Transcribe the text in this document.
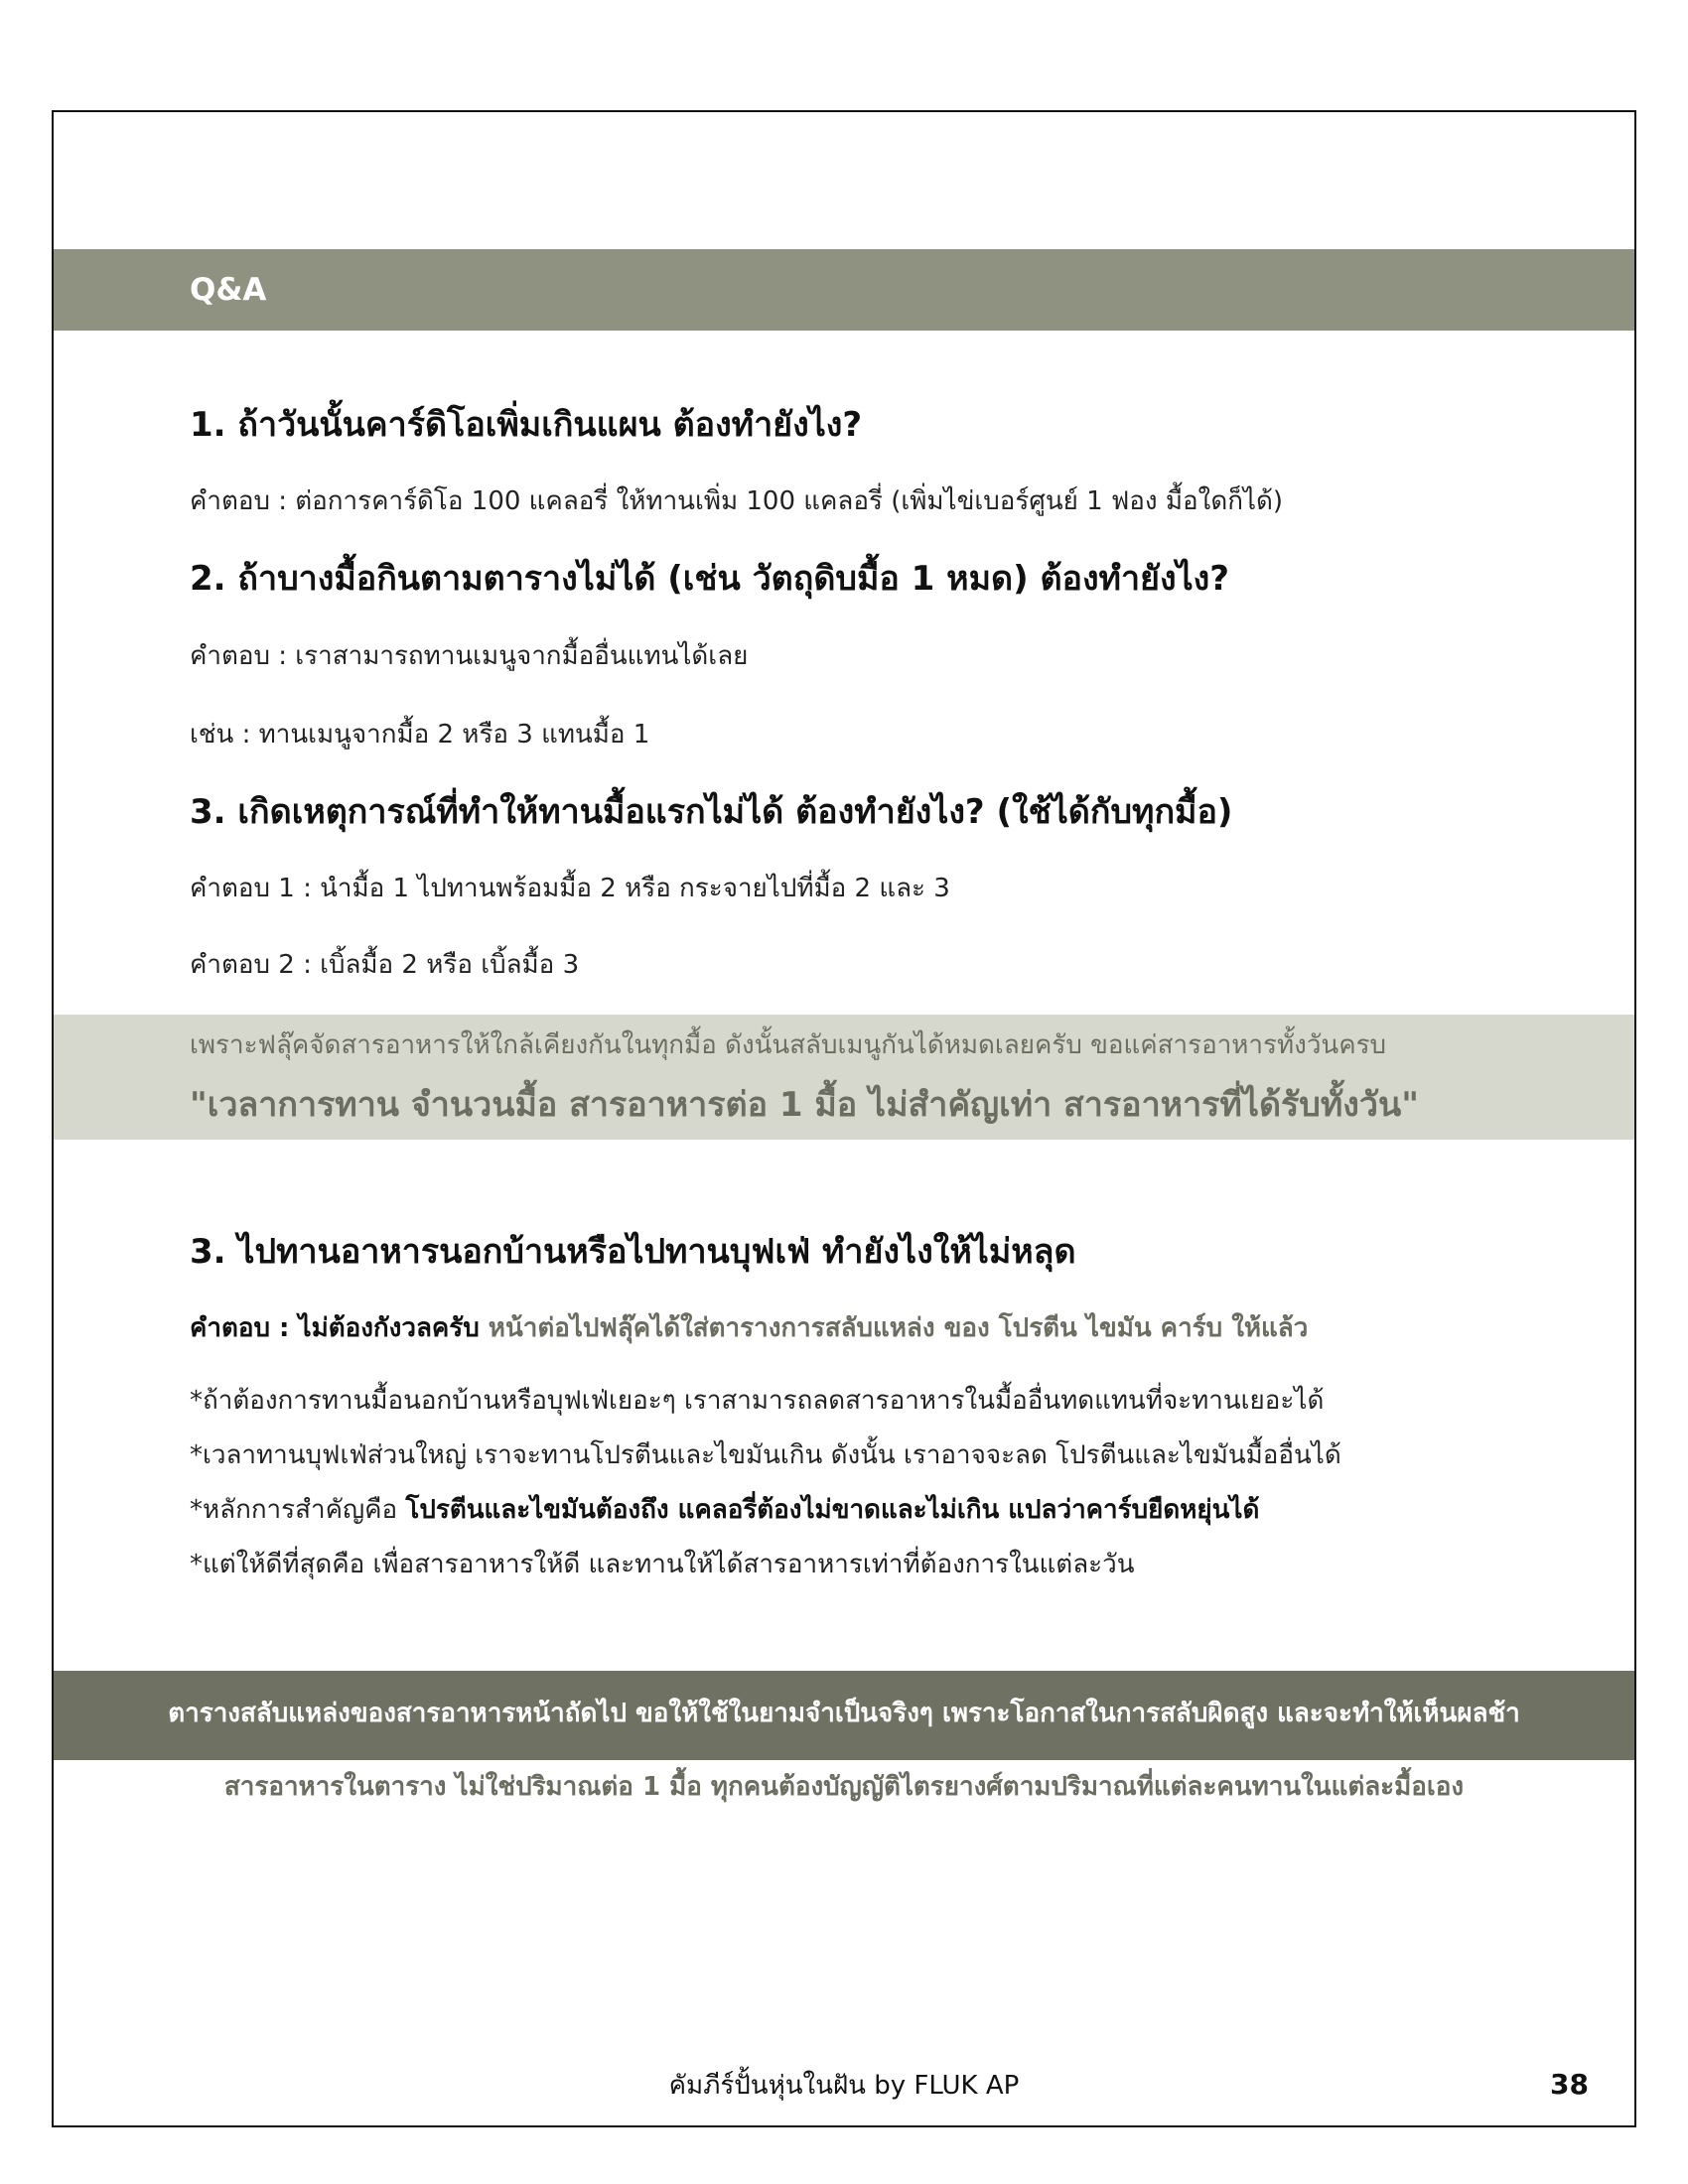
Q&A
1. ถ้าวันนั้นคาร์ดิโอเพิ่มเกินแผน ต้องทำยังไง?
คำตอบ : ต่อการคาร์ดิโอ 100 แคลอรี่ ให้ทานเพิ่ม 100 แคลอรี่ (เพิ่มไข่เบอร์ศูนย์ 1 ฟอง มื้อใดก็ได้)
2. ถ้าบางมื้อกินตามตารางไม่ได้ (เช่น วัตถุดิบมื้อ 1 หมด) ต้องทำยังไง?
คำตอบ : เราสามารถทานเมนูจากมื้ออื่นแทนได้เลย
เช่น : ทานเมนูจากมื้อ 2 หรือ 3 แทนมื้อ 1
3. เกิดเหตุการณ์ที่ทำให้ทานมื้อแรกไม่ได้ ต้องทำยังไง? (ใช้ได้กับทุกมื้อ)
คำตอบ 1 : นำมื้อ 1 ไปทานพร้อมมื้อ 2 หรือ กระจายไปที่มื้อ 2 และ 3
คำตอบ 2 : เบิ้ลมื้อ 2 หรือ เบิ้ลมื้อ 3
เพราะฟลุ๊คจัดสารอาหารให้ใกล้เคียงกันในทุกมื้อ ดังนั้นสลับเมนูกันได้หมดเลยครับ ขอแค่สารอาหารทั้งวันครบ
"เวลาการทาน จำนวนมื้อ สารอาหารต่อ 1 มื้อ ไม่สำคัญเท่า สารอาหารที่ได้รับทั้งวัน"
3. ไปทานอาหารนอกบ้านหรือไปทานบุฟเฟ่ ทำยังไงให้ไม่หลุด
คำตอบ : ไม่ต้องกังวลครับ หน้าต่อไปฟลุ๊คได้ใส่ตารางการสลับแหล่ง ของ โปรตีน ไขมัน คาร์บ ให้แล้ว
*ถ้าต้องการทานมื้อนอกบ้านหรือบุฟเฟ่เยอะๆ เราสามารถลดสารอาหารในมื้ออื่นทดแทนที่จะทานเยอะได้
*เวลาทานบุฟเฟ่ส่วนใหญ่ เราจะทานโปรตีนและไขมันเกิน ดังนั้น เราอาจจะลด โปรตีนและไขมันมื้ออื่นได้
*หลักการสำคัญคือ โปรตีนและไขมันต้องถึง แคลอรี่ต้องไม่ขาดและไม่เกิน แปลว่าคาร์บยืดหยุ่นได้
*แต่ให้ดีที่สุดคือ เพื่อสารอาหารให้ดี และทานให้ได้สารอาหารเท่าที่ต้องการในแต่ละวัน
ตารางสลับแหล่งของสารอาหารหน้าถัดไป ขอให้ใช้ในยามจำเป็นจริงๆ เพราะโอกาสในการสลับผิดสูง และจะทำให้เห็นผลช้า
สารอาหารในตาราง ไม่ใช่ปริมาณต่อ 1 มื้อ ทุกคนต้องบัญญัติไตรยางศ์ตามปริมาณที่แต่ละคนทานในแต่ละมื้อเอง
คัมภีร์ปั้นหุ่นในฝัน by FLUK AP	38
